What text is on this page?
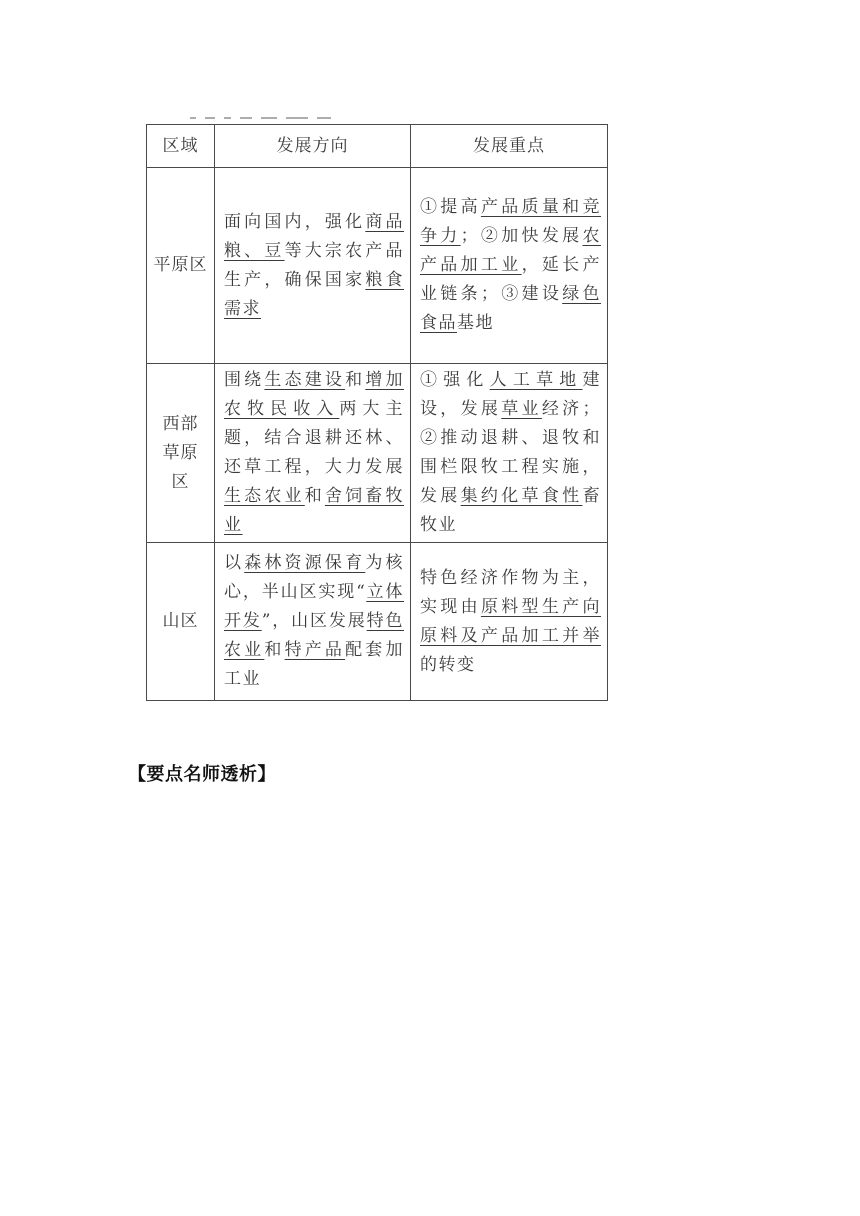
区域	发展方向	发展重点
平原区	面向国内，强化商品粮、豆等大宗农产品生产，确保国家粮食需求	①提高产品质量和竞争力；②加快发展农产品加工业，延长产业链条；③建设绿色食品基地
西部草原区	围绕生态建设和增加农牧民收入两大主题，结合退耕还林、还草工程，大力发展生态农业和舍饲畜牧业	①强化人工草地建设，发展草业经济；②推动退耕、退牧和围栏限牧工程实施，发展集约化草食性畜牧业
山区	以森林资源保育为核心，半山区实现“立体开发”，山区发展特色农业和特产品配套加工业	特色经济作物为主，实现由原料型生产向原料及产品加工并举的转变
【要点名师透析】
